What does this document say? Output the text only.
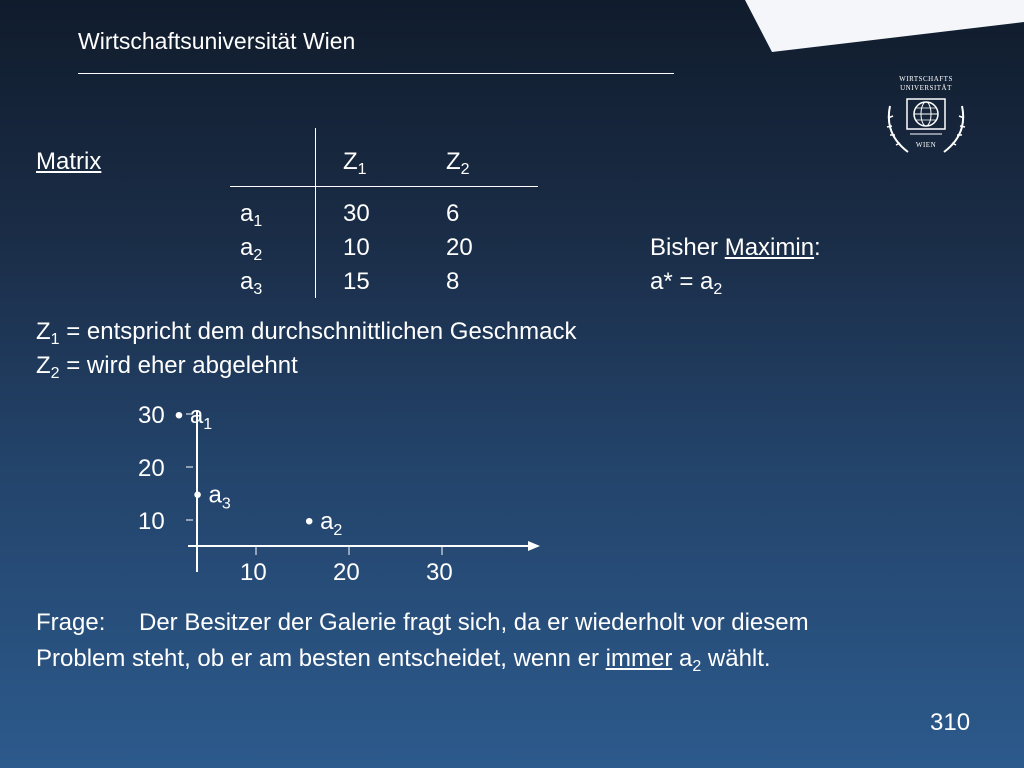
Wirtschaftsuniversität Wien
WIRTSCHAFTS
UNIVERSITÄT
WIEN
Matrix	$Z_1$	$Z_2$
$a_1$	30	6
$a_2$	10	20
$a_3$	15	8
Bisher Maximin:
$a* = a_2$
$Z_1$ = entspricht dem durchschnittlichen Geschmack
$Z_2$ = wird eher abgelehnt
30
20
10
10	20	30
• $a_1$
• $a_3$
• $a_2$
Frage: Der Besitzer der Galerie fragt sich, da er wiederholt vor diesem
Problem steht, ob er am besten entscheidet, wenn er immer $a_2$ wählt.
310
